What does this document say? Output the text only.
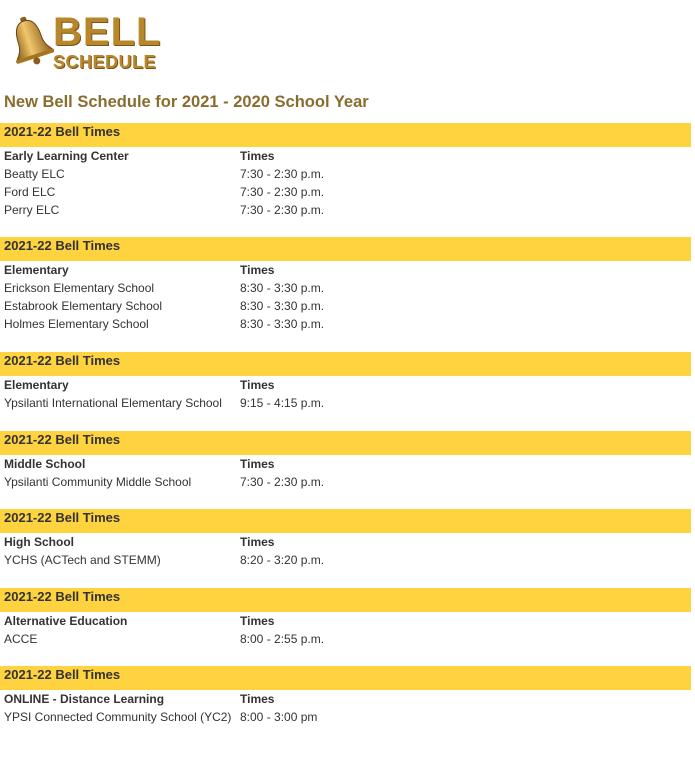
BELL
SCHEDULE
New Bell Schedule for 2021 - 2020 School Year
2021-22 Bell Times
Early Learning Center	Times
Beatty ELC	7:30 - 2:30 p.m.
Ford ELC	7:30 - 2:30 p.m.
Perry ELC	7:30 - 2:30 p.m.
2021-22 Bell Times
Elementary	Times
Erickson Elementary School	8:30 - 3:30 p.m.
Estabrook Elementary School	8:30 - 3:30 p.m.
Holmes Elementary School	8:30 - 3:30 p.m.
2021-22 Bell Times
Elementary	Times
Ypsilanti International Elementary School 9:15 - 4:15 p.m.
2021-22 Bell Times
Middle School	Times
Ypsilanti Community Middle School	7:30 - 2:30 p.m.
2021-22 Bell Times
High School	Times
YCHS (ACTech and STEMM)	8:20 - 3:20 p.m.
2021-22 Bell Times
Alternative Education	Times
ACCE	8:00 - 2:55 p.m.
2021-22 Bell Times
ONLINE - Distance Learning	Times
YPSI Connected Community School (YC2) 8:00 - 3:00 pm
